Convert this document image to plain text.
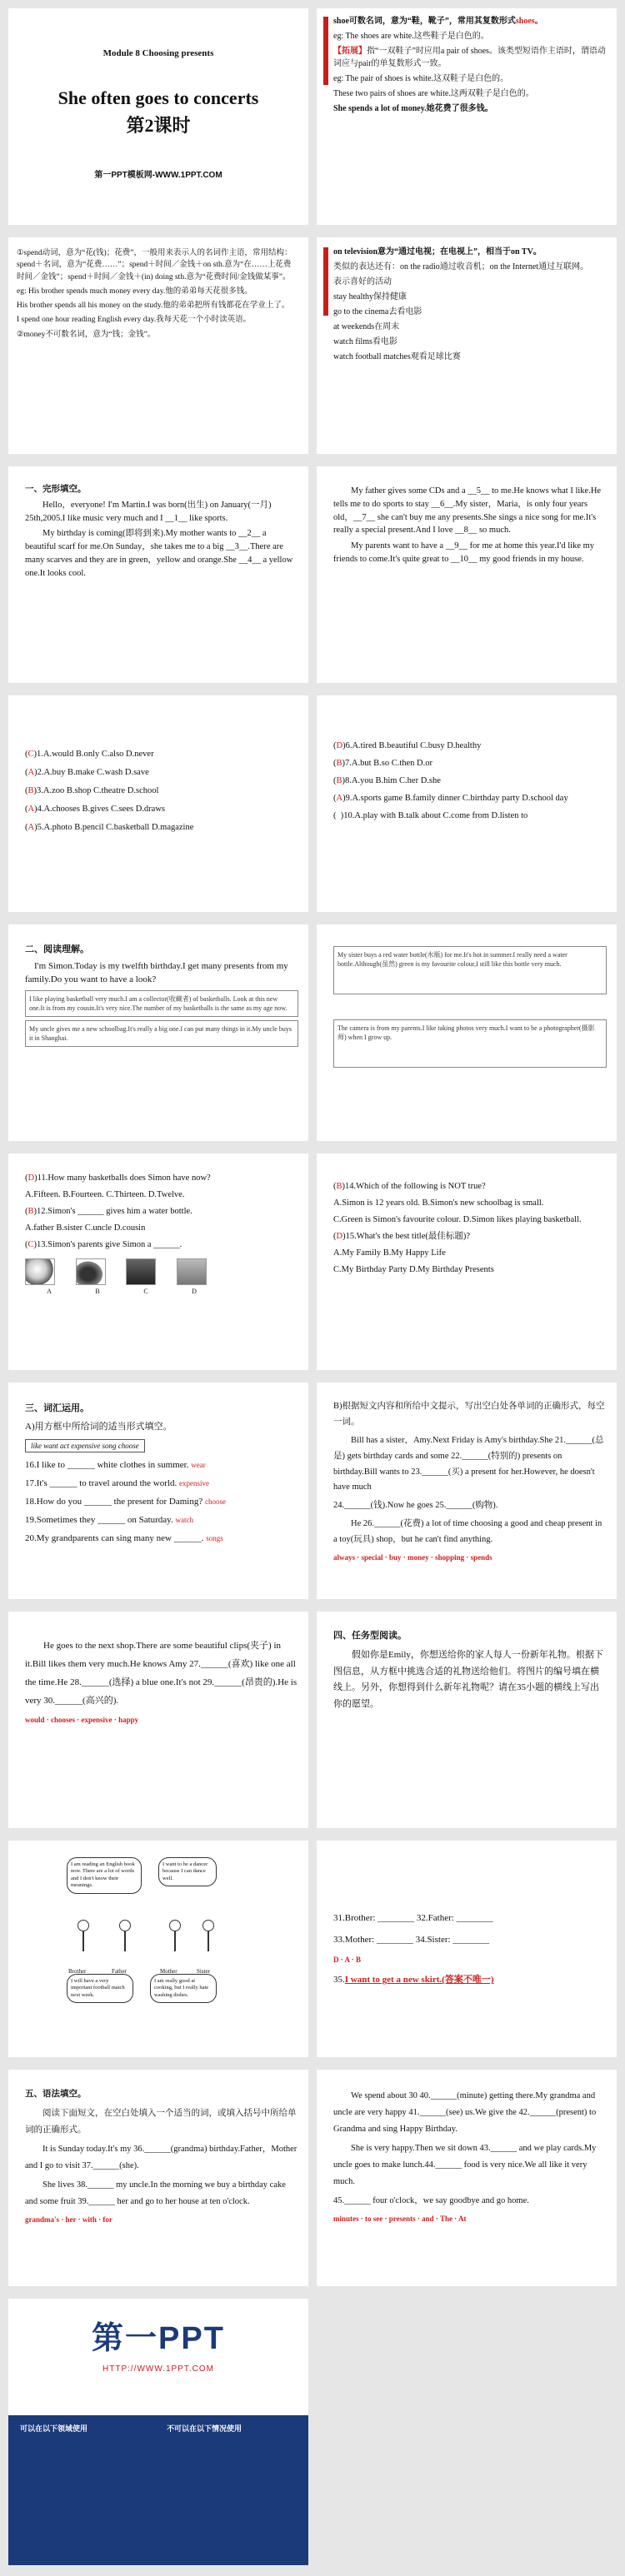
Module 8 Choosing presents
She often goes to concerts
第2课时
第一PPT模板网-WWW.1PPT.COM
shoe可数名词，意为“鞋，靴子”，常用其复数形式shoes。
eg: The shoes are white.这些鞋子是白色的。
【拓展】指“一双鞋子”时应用a pair of shoes。该类型短语作主语时，谓语动词应与pair的单复数形式一致。
eg: The pair of shoes is white.这双鞋子是白色的。
These two pairs of shoes are white.这两双鞋子是白色的。
She spends a lot of money.她花费了很多钱。
①spend动词，意为“花(钱)；花费”，一般用来表示人的名词作主语，常用结构：spend＋名词，意为“花费……”；spend＋时间／金钱＋on sth.意为“在……上花费时间／金钱”；spend＋时间／金钱＋(in) doing sth.意为“花费时间/金钱做某事”。
eg: His brother spends much money every day.他的弟弟每天花很多钱。
His brother spends all his money on the study.他的弟弟把所有钱都花在学业上了。
I spend one hour reading English every day.我每天花一个小时读英语。
②money不可数名词，意为“钱；金钱”。
on television意为“通过电视；在电视上”，相当于on TV。
类似的表达还有：on the radio通过收音机；on the Internet通过互联网。
表示喜好的活动
stay healthy保持健康
go to the cinema去看电影
at weekends在周末
watch films看电影
watch football matches观看足球比赛
一、完形填空。
Hello，everyone! I'm Martin.I was born(出生) on January(一月) 25th,2005.I like music very much and I __1__ like sports.
My birthday is coming(即将到来).My mother wants to __2__ a beautiful scarf for me.On Sunday，she takes me to a big __3__.There are many scarves and they are in green，yellow and orange.She __4__ a yellow one.It looks cool.
My father gives some CDs and a __5__ to me.He knows what I like.He tells me to do sports to stay __6__.My sister，Maria，is only four years old，__7__ she can't buy me any presents.She sings a nice song for me.It's really a special present.And I love __8__ so much.
My parents want to have a __9__ for me at home this year.I'd like my friends to come.It's quite great to __10__ my good friends in my house.
(C)1.A.would B.only C.also D.never
(A)2.A.buy B.make C.wash D.save
(B)3.A.zoo B.shop C.theatre D.school
(A)4.A.chooses B.gives C.sees D.draws
(A)5.A.photo B.pencil C.basketball D.magazine
(D)6.A.tired B.beautiful C.busy D.healthy
(B)7.A.but B.so C.then D.or
(B)8.A.you B.him C.her D.she
(A)9.A.sports game B.family dinner C.birthday party D.school day
(  )10.A.play with B.talk about C.come from D.listen to
二、阅读理解。
I'm Simon.Today is my twelfth birthday.I get many presents from my family.Do you want to have a look?
I like playing basketball very much.I am a collector(收藏者) of basketballs. Look at this new one.It is from my cousin.It's very nice.The number of my basketballs is the same as my age now.
My uncle gives me a new schoolbag.It's really a big one.I can put many things in it.My uncle buys it in Shanghai.
My sister buys a red water bottle(水瓶) for me.It's hot in summer.I really need a water bottle.Although(虽然) green is my favourite colour,I still like this bottle very much.
The camera is from my parents.I like taking photos very much.I want to be a photographer(摄影师) when I grow up.
(D)11.How many basketballs does Simon have now?
A.Fifteen. B.Fourteen. C.Thirteen. D.Twelve.
(B)12.Simon's ______ gives him a water bottle.
A.father B.sister C.uncle D.cousin
(C)13.Simon's parents give Simon a ______.

A	B	C	D
(B)14.Which of the following is NOT true?
A.Simon is 12 years old. B.Simon's new schoolbag is small.
C.Green is Simon's favourite colour. D.Simon likes playing basketball.
(D)15.What's the best title(最佳标题)?
A.My Family B.My Happy Life
C.My Birthday Party D.My Birthday Presents
三、词汇运用。
A)用方框中所给词的适当形式填空。
like want act expensive song choose
16.I like to ______ white clothes in summer. wear
17.It's ______ to travel around the world. expensive
18.How do you ______ the present for Daming? choose
19.Sometimes they ______ on Saturday. watch
20.My grandparents can sing many new ______. songs
B)根据短文内容和所给中文提示，写出空白处各单词的正确形式，每空一词。
Bill has a sister，Amy.Next Friday is Amy's birthday.She 21.______(总是) gets birthday cards and some 22.______(特别的) presents on birthday.Bill wants to 23.______(买) a present for her.However, he doesn't have much
24.______(钱).Now he goes 25.______(购物).
He 26.______(花费) a lot of time choosing a good and cheap present in a toy(玩具) shop，but he can't find anything.
always · special · buy · money · shopping · spends
He goes to the next shop.There are some beautiful clips(夹子) in it.Bill likes them very much.He knows Amy 27.______(喜欢) like one all the time.He 28.______(选择) a blue one.It's not 29.______(昂贵的).He is very 30.______(高兴的).
would · chooses · expensive · happy
四、任务型阅读。
假如你是Emily，你想送给你的家人每人一份新年礼物。根据下图信息，从方框中挑选合适的礼物送给他们。将图片的编号填在横线上。另外，你想得到什么新年礼物呢？请在35小题的横线上写出你的愿望。
I am reading an English book now. There are a lot of words and I don't know their meanings.
I want to be a dancer because I can dance well.
I will have a very important football match next week.
I am really good at cooking, but I really hate washing dishes.
Brother	Father	Mother	Sister
31.Brother: ________ 32.Father: ________
33.Mother: ________ 34.Sister: ________
D · A · B
35.I want to get a new skirt.(答案不唯一)
五、语法填空。
阅读下面短文，在空白处填入一个适当的词，或填入括号中所给单词的正确形式。
It is Sunday today.It's my 36.______(grandma) birthday.Father，Mother and I go to visit 37.______(she).
She lives 38.______ my uncle.In the morning we buy a birthday cake and some fruit 39.______ her and go to her house at ten o'clock.
grandma's · her · with · for
We spend about 30 40.______(minute) getting there.My grandma and uncle are very happy 41.______(see) us.We give the 42.______(present) to Grandma and sing Happy Birthday.
She is very happy.Then we sit down 43.______ and we play cards.My uncle goes to make lunch.44.______ food is very nice.We all like it very much.
45.______ four o'clock，we say goodbye and go home.
minutes · to see · presents · and · The · At
第一PPT
HTTP://WWW.1PPT.COM
可以在以下领域使用	不可以在以下情况使用
